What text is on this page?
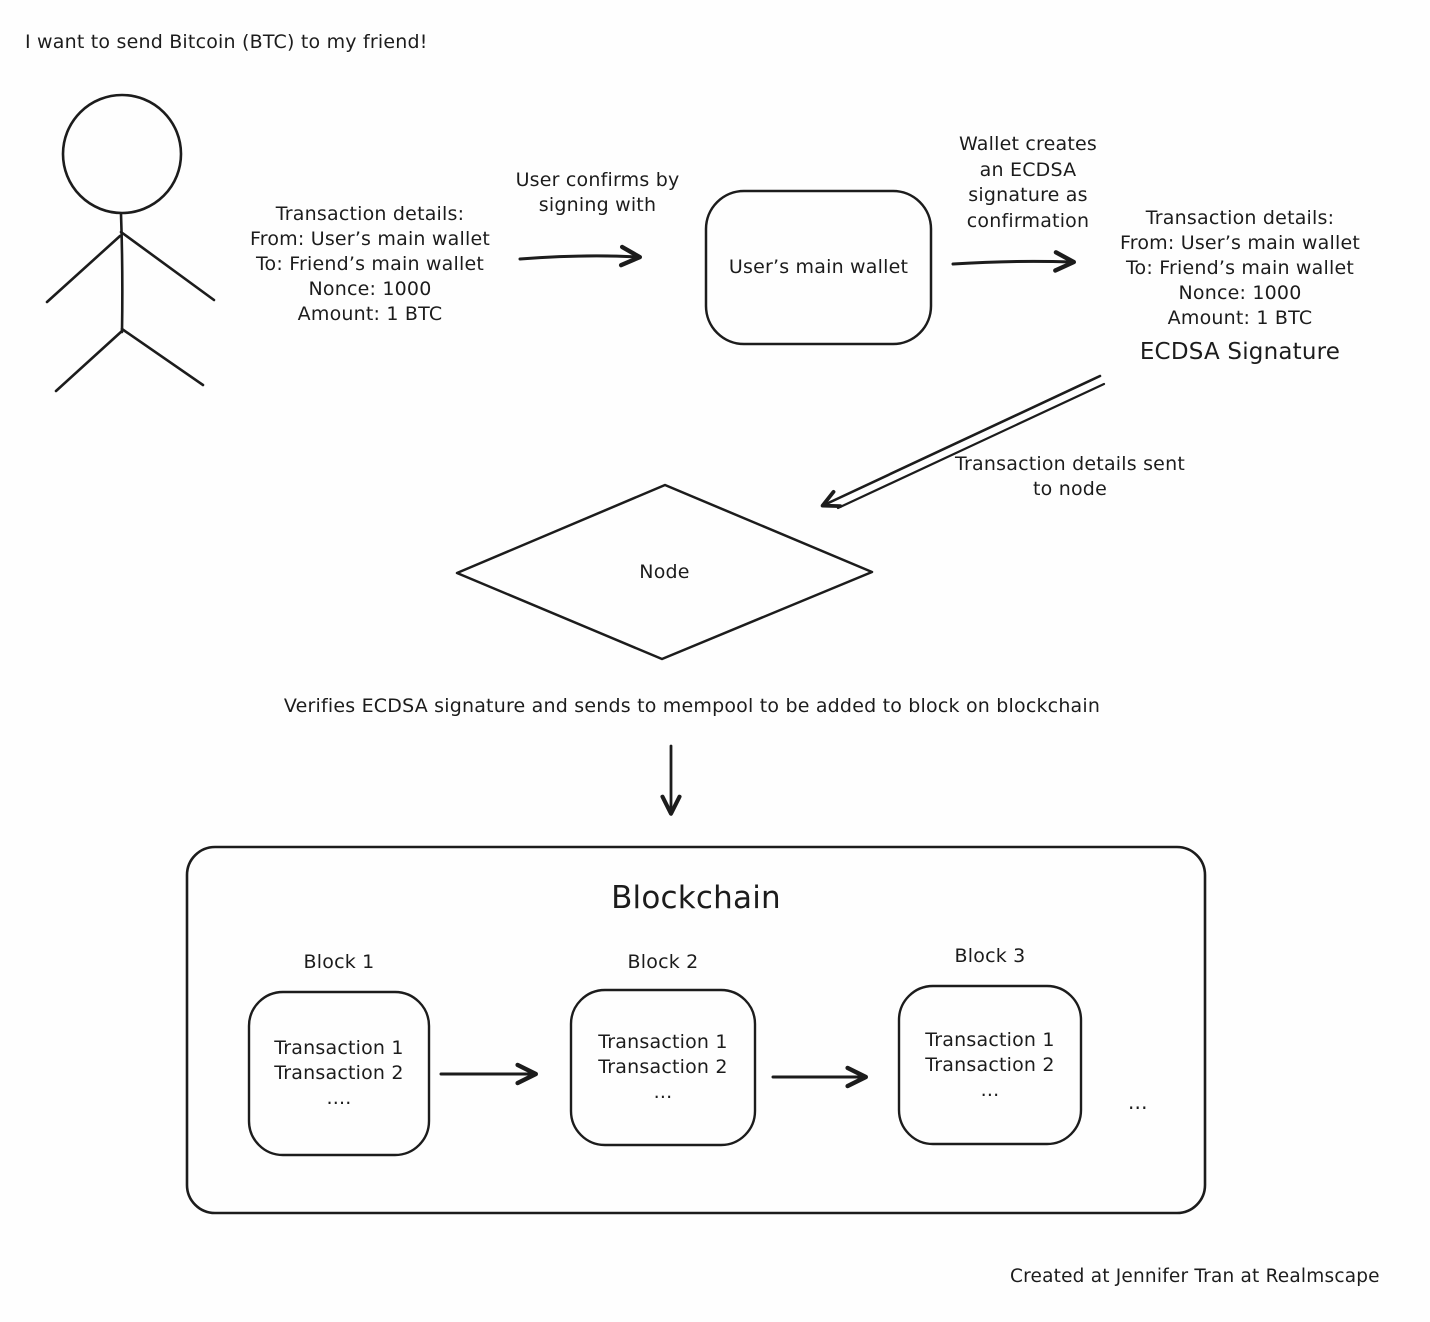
I want to send Bitcoin (BTC) to my friend!
Transaction details:
From: User’s main wallet
To: Friend’s main wallet
Nonce: 1000
Amount: 1 BTC
User confirms by signing with
User’s main wallet
Wallet creates an ECDSA signature as confirmation	Transaction details:
From: User’s main wallet
To: Friend’s main wallet
Nonce: 1000
Amount: 1 BTC
ECDSA Signature
Transaction details sent to node
Node
Verifies ECDSA signature and sends to mempool to be added to block on blockchain
Blockchain
Block 1	Block 2	Block 3
Transaction 1
Transaction 2
....
Transaction 1
Transaction 2
...
Transaction 1
Transaction 2
...
...
Created at Jennifer Tran at Realmscape
